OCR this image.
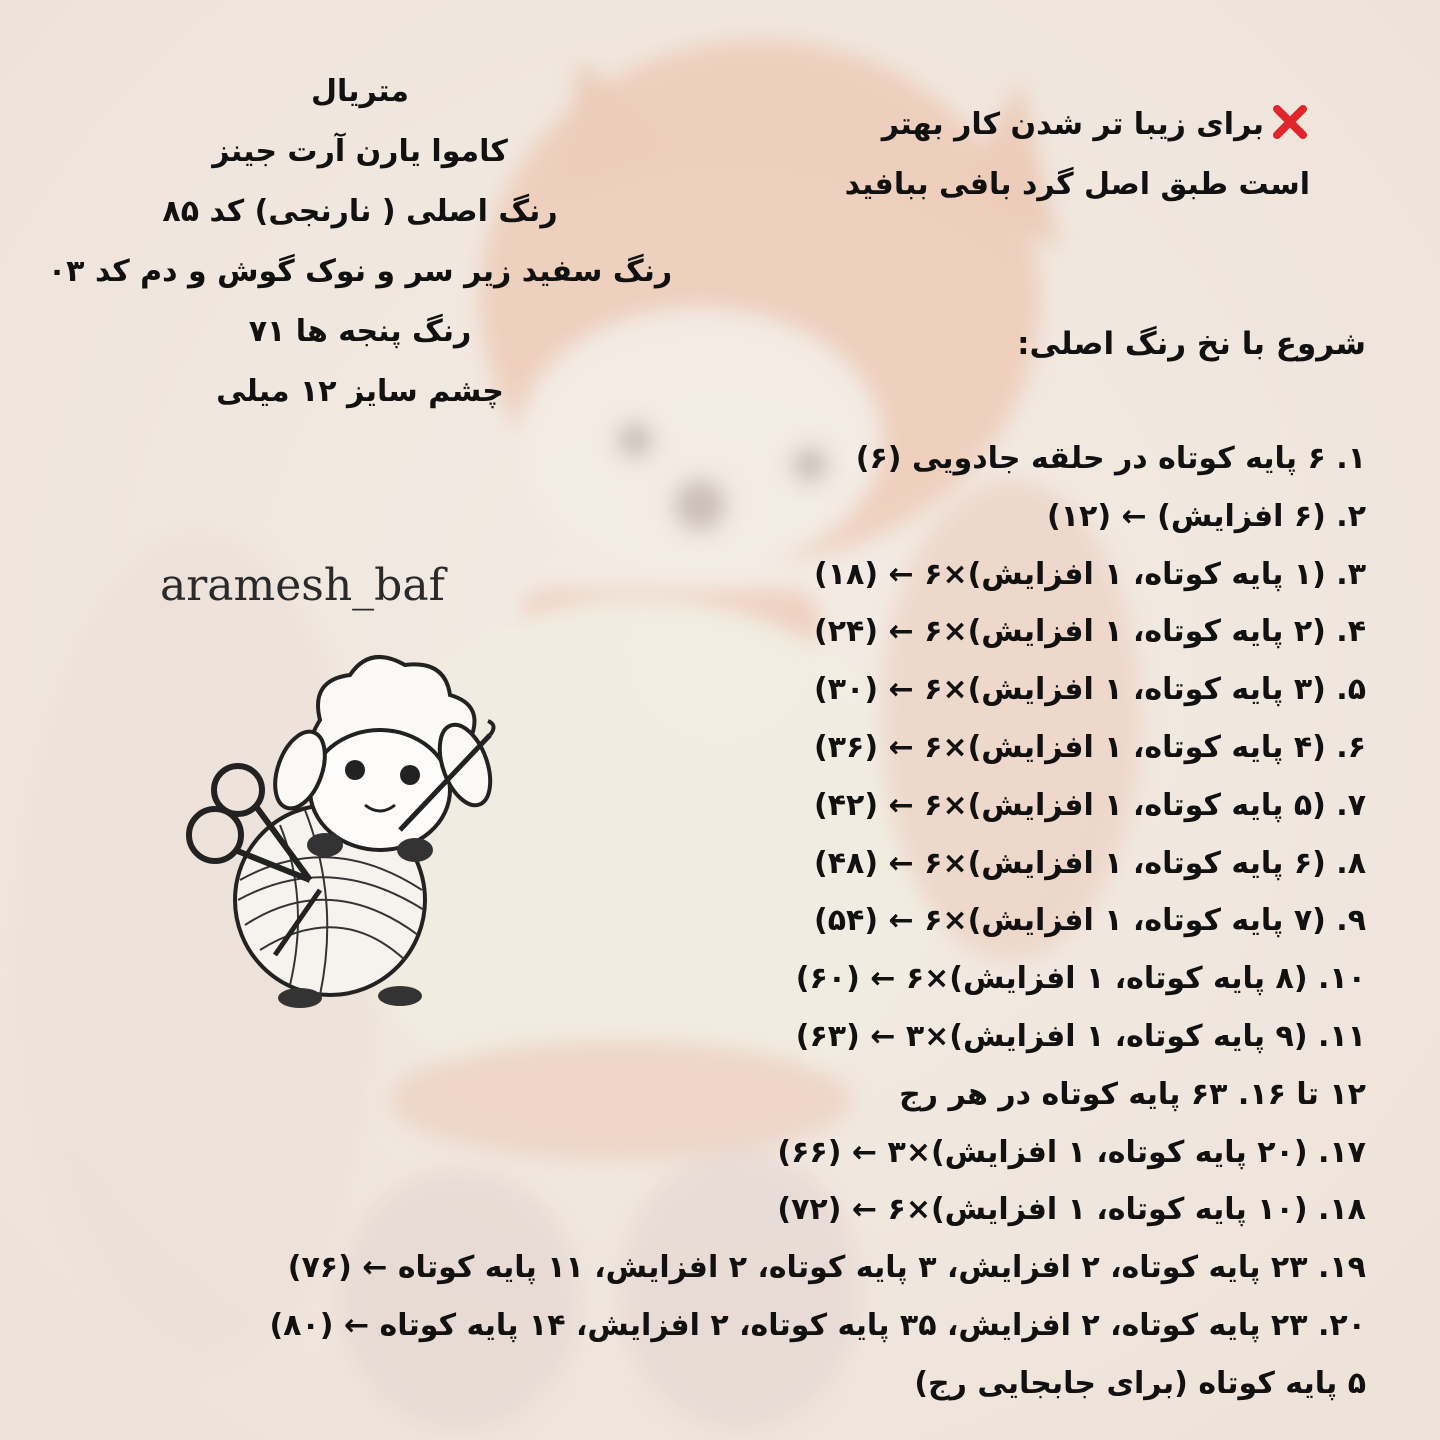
aramesh_baf
متریال
کاموا یارن آرت جینز
رنگ اصلی ( نارنجی) کد ۸۵
رنگ سفید زیر سر و نوک گوش و دم کد ۰۳
رنگ پنجه ها ۷۱
چشم سایز ۱۲ میلی
برای زیبا تر شدن کار بهتر
است طبق اصل گرد بافی ببافید
شروع با نخ رنگ اصلی:
۱. ۶ پایه کوتاه در حلقه جادویی (۶)
۲. (۶ افزایش) ← (۱۲)
۳. (۱ پایه کوتاه، ۱ افزایش)×۶ ← (۱۸)
۴. (۲ پایه کوتاه، ۱ افزایش)×۶ ← (۲۴)
۵. (۳ پایه کوتاه، ۱ افزایش)×۶ ← (۳۰)
۶. (۴ پایه کوتاه، ۱ افزایش)×۶ ← (۳۶)
۷. (۵ پایه کوتاه، ۱ افزایش)×۶ ← (۴۲)
۸. (۶ پایه کوتاه، ۱ افزایش)×۶ ← (۴۸)
۹. (۷ پایه کوتاه، ۱ افزایش)×۶ ← (۵۴)
۱۰. (۸ پایه کوتاه، ۱ افزایش)×۶ ← (۶۰)
۱۱. (۹ پایه کوتاه، ۱ افزایش)×۳ ← (۶۳)
۱۲ تا ۱۶. ۶۳ پایه کوتاه در هر رج
۱۷. (۲۰ پایه کوتاه، ۱ افزایش)×۳ ← (۶۶)
۱۸. (۱۰ پایه کوتاه، ۱ افزایش)×۶ ← (۷۲)
۱۹. ۲۳ پایه کوتاه، ۲ افزایش، ۳ پایه کوتاه، ۲ افزایش، ۱۱ پایه کوتاه ← (۷۶)
۲۰. ۲۳ پایه کوتاه، ۲ افزایش، ۳۵ پایه کوتاه، ۲ افزایش، ۱۴ پایه کوتاه ← (۸۰)
۵ پایه کوتاه (برای جابجایی رج)
